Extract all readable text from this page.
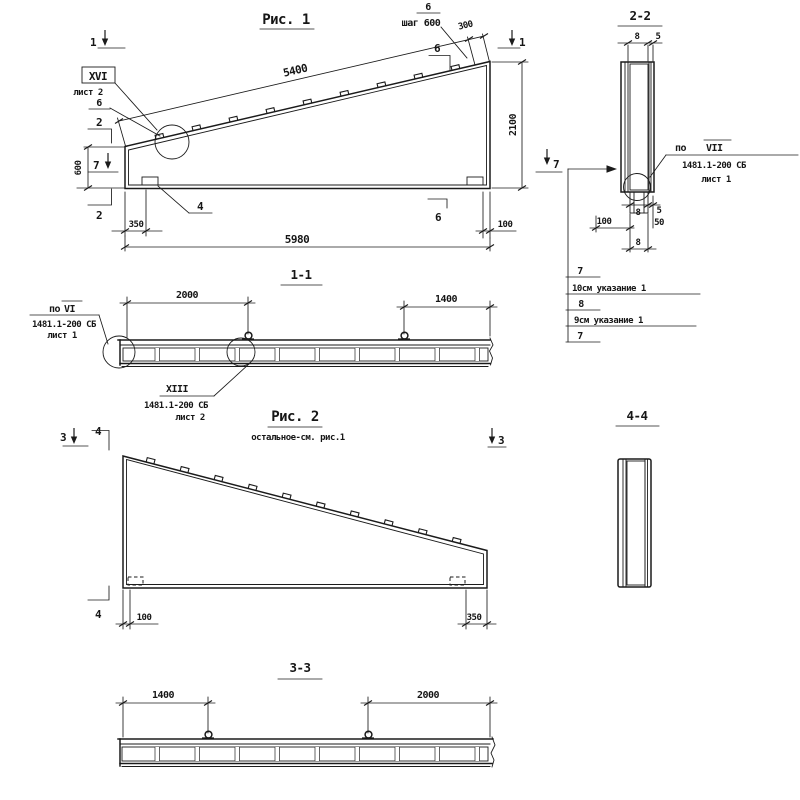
Рис. 1
4
XVI
лист 2
6
6
шаг 600
5400
300
1	1
2
2
6
6
7	7
600
350	100
5980
2100
2-2
8 5
по VII
1481.1-200 СБ
лист 1
8 5
50
100
8
7
10см указание 1
8
9см указание 1
7
1-1
2000	1400
по VI
1481.1-200 СБ
лист 1
XIII
1481.1-200 СБ
лист 2	Рис. 2
остальное-см. рис.1
3	3
4
4	100	350
4-4
3-3
1400	2000
